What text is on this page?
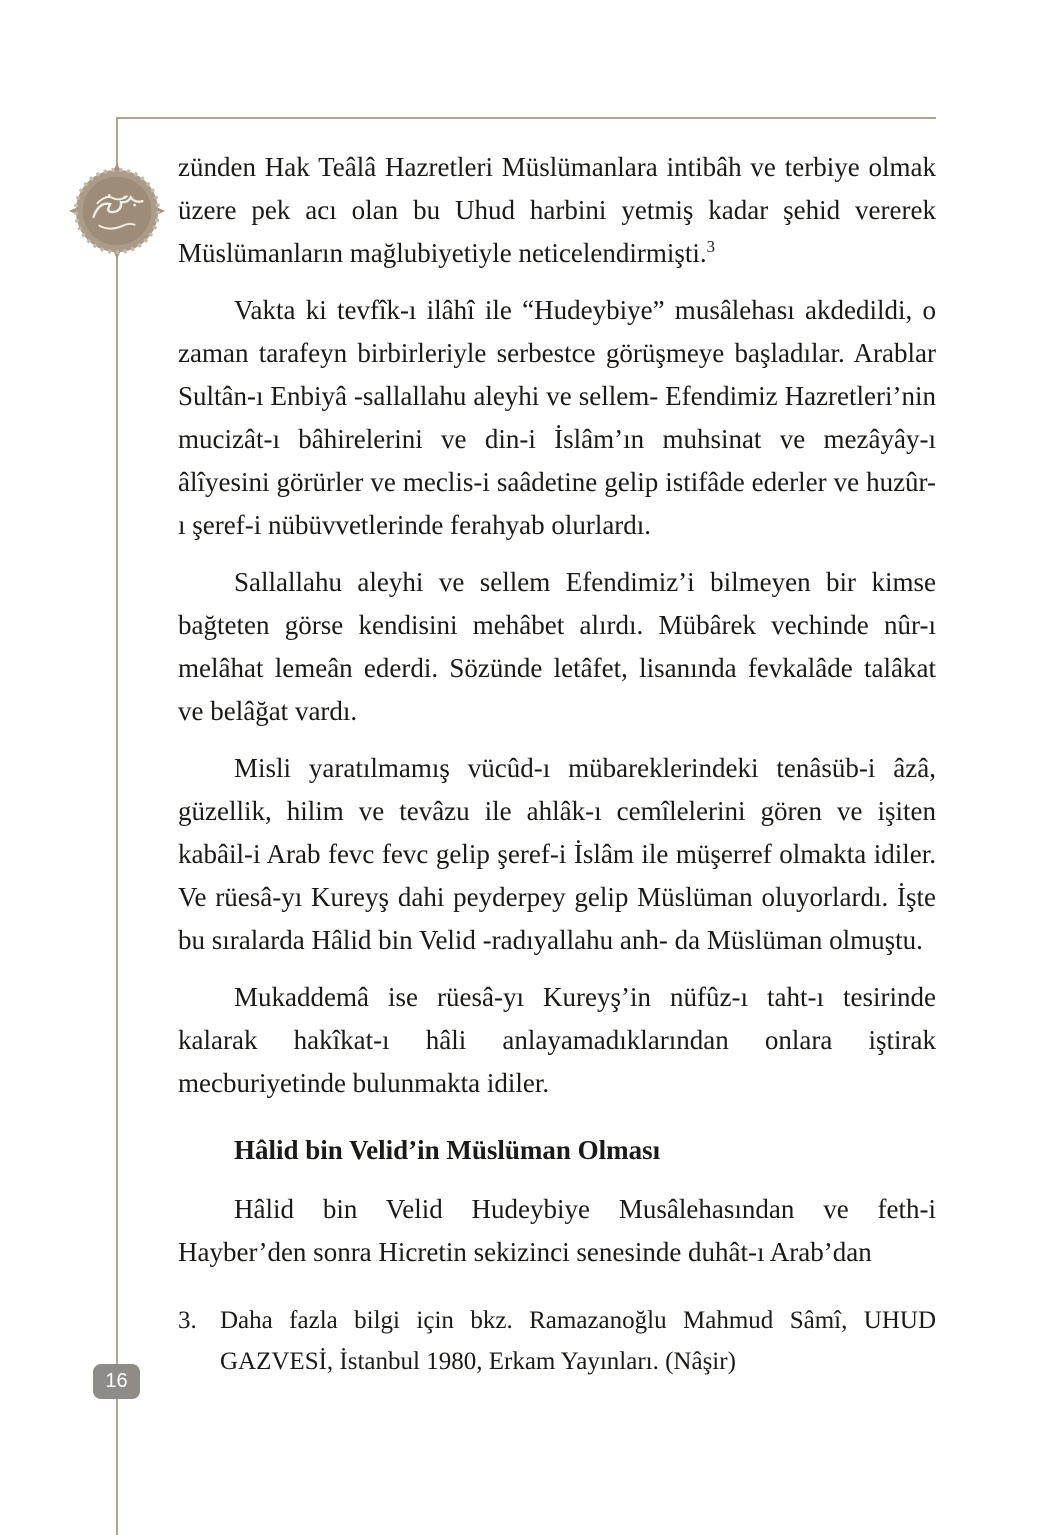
16

zünden Hak Teâlâ Hazretleri Müslümanlara intibâh ve terbiye olmak üzere pek acı olan bu Uhud harbini yetmiş kadar şehid vererek Müslümanların mağlubiyetiyle neticelendirmişti.$^3$

Vakta ki tevfîk-ı ilâhî ile “Hudeybiye” musâlehası akdedildi, o zaman tarafeyn birbirleriyle serbestce görüşmeye başladılar. Arablar Sultân-ı Enbiyâ -sallallahu aleyhi ve sellem- Efendimiz Hazretleri’nin mucizât-ı bâhirelerini ve din-i İslâm’ın muhsinat ve mezâyây-ı âlîyesini görürler ve meclis-i saâdetine gelip istifâde ederler ve huzûr-ı şeref-i nübüvvetlerinde ferahyab olurlardı.

Sallallahu aleyhi ve sellem Efendimiz’i bilmeyen bir kimse bağteten görse kendisini mehâbet alırdı. Mübârek vechinde nûr-ı melâhat lemeân ederdi. Sözünde letâfet, lisanında fevkalâde talâkat ve belâğat vardı.

Misli yaratılmamış vücûd-ı mübareklerindeki tenâsüb-i âzâ, güzellik, hilim ve tevâzu ile ahlâk-ı cemîlelerini gören ve işiten kabâil-i Arab fevc fevc gelip şeref-i İslâm ile müşerref olmakta idiler. Ve rüesâ-yı Kureyş dahi peyderpey gelip Müslüman oluyorlardı. İşte bu sıralarda Hâlid bin Velid -radıyallahu anh- da Müslüman olmuştu.

Mukaddemâ ise rüesâ-yı Kureyş’in nüfûz-ı taht-ı tesirinde kalarak hakîkat-ı hâli anlayamadıklarından onlara iştirak mecburiyetinde bulunmakta idiler.

Hâlid bin Velid’in Müslüman Olması

Hâlid bin Velid Hudeybiye Musâlehasından ve feth-i Hayber’den sonra Hicretin sekizinci senesinde duhât-ı Arab’dan

3. Daha fazla bilgi için bkz. Ramazanoğlu Mahmud Sâmî, UHUD GAZVESİ, İstanbul 1980, Erkam Yayınları. (Nâşir)
